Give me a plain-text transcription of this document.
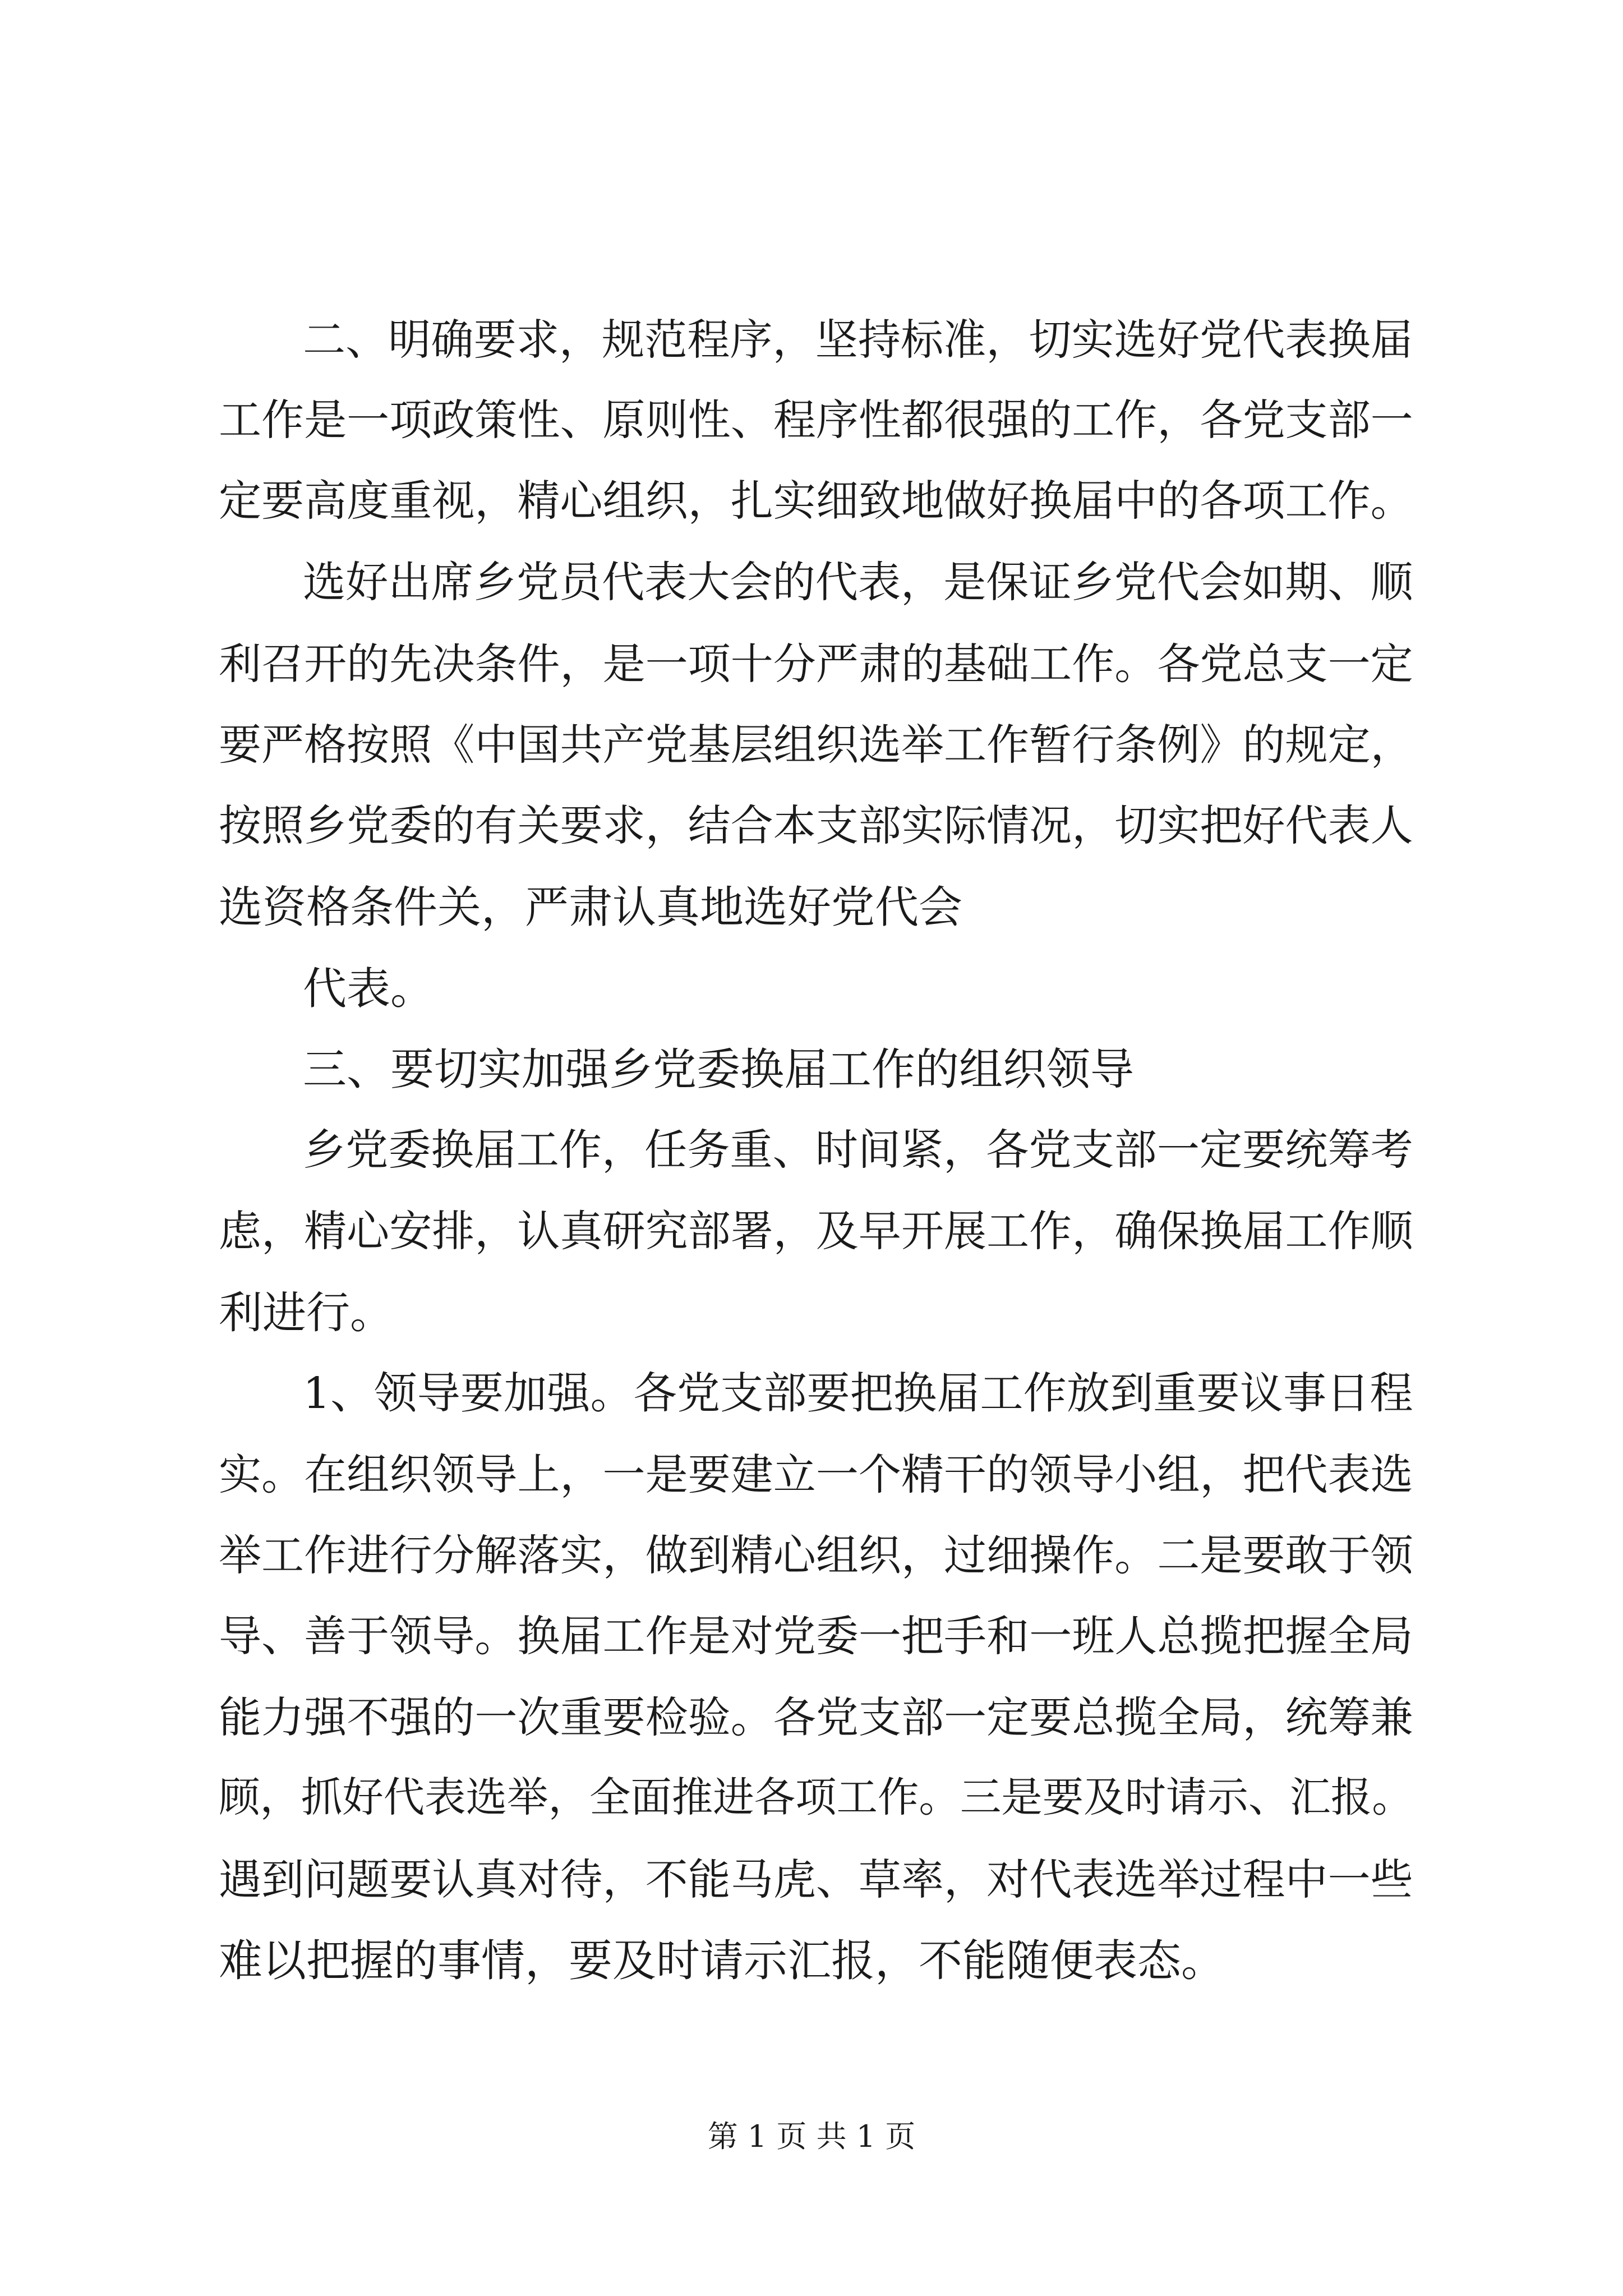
二、明确要求，规范程序，坚持标准，切实选好党代表换届
工作是一项政策性、原则性、程序性都很强的工作，各党支部一
定要高度重视，精心组织，扎实细致地做好换届中的各项工作。
选好出席乡党员代表大会的代表，是保证乡党代会如期、顺
利召开的先决条件，是一项十分严肃的基础工作。各党总支一定
要严格按照《中国共产党基层组织选举工作暂行条例》的规定，
按照乡党委的有关要求，结合本支部实际情况，切实把好代表人
选资格条件关，严肃认真地选好党代会
代表。
三、要切实加强乡党委换届工作的组织领导
乡党委换届工作，任务重、时间紧，各党支部一定要统筹考
虑，精心安排，认真研究部署，及早开展工作，确保换届工作顺
利进行。
1、领导要加强。各党支部要把换届工作放到重要议事日程
实。在组织领导上，一是要建立一个精干的领导小组，把代表选
举工作进行分解落实，做到精心组织，过细操作。二是要敢于领
导、善于领导。换届工作是对党委一把手和一班人总揽把握全局
能力强不强的一次重要检验。各党支部一定要总揽全局，统筹兼
顾，抓好代表选举，全面推进各项工作。三是要及时请示、汇报。
遇到问题要认真对待，不能马虎、草率，对代表选举过程中一些
难以把握的事情，要及时请示汇报，不能随便表态。
第 1 页 共 1 页
